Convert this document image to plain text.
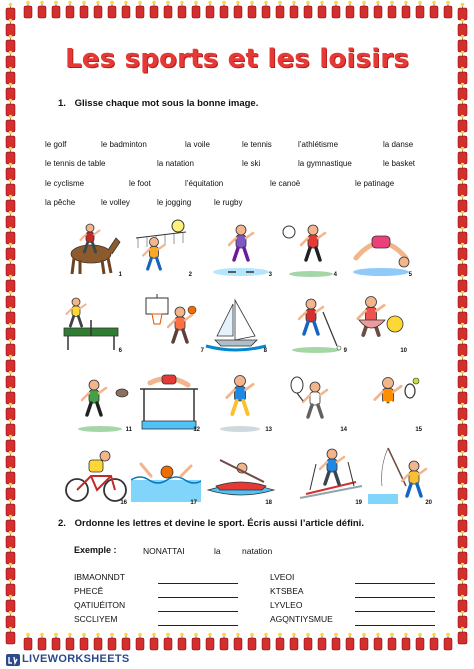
Les sports et les loisirs
1. Glisse chaque mot sous la bonne image.
le golf	le badminton	la voile	le tennis	l’athlétisme	la danse
le tennis de table	la natation	le ski	la gymnastique	le basket
le cyclisme	le foot	l’équitation	le canoë	le patinage
la pêche	le volley	le jogging	le rugby
1	2	3	4	5
6	7	8	9	10
11	12	13	14	15
16	17	18	19	20
2. Ordonne les lettres et devine le sport. Écris aussi l’article défini.
Exemple :	NONATTAI	la	natation
IBMAONNDT
PHECÊ
QATIUÉITON
SCCLIYEM
LVEOI
KTSBEA
LYVLEO
AGQNTIYSMUE
LIVEWORKSHEETS
